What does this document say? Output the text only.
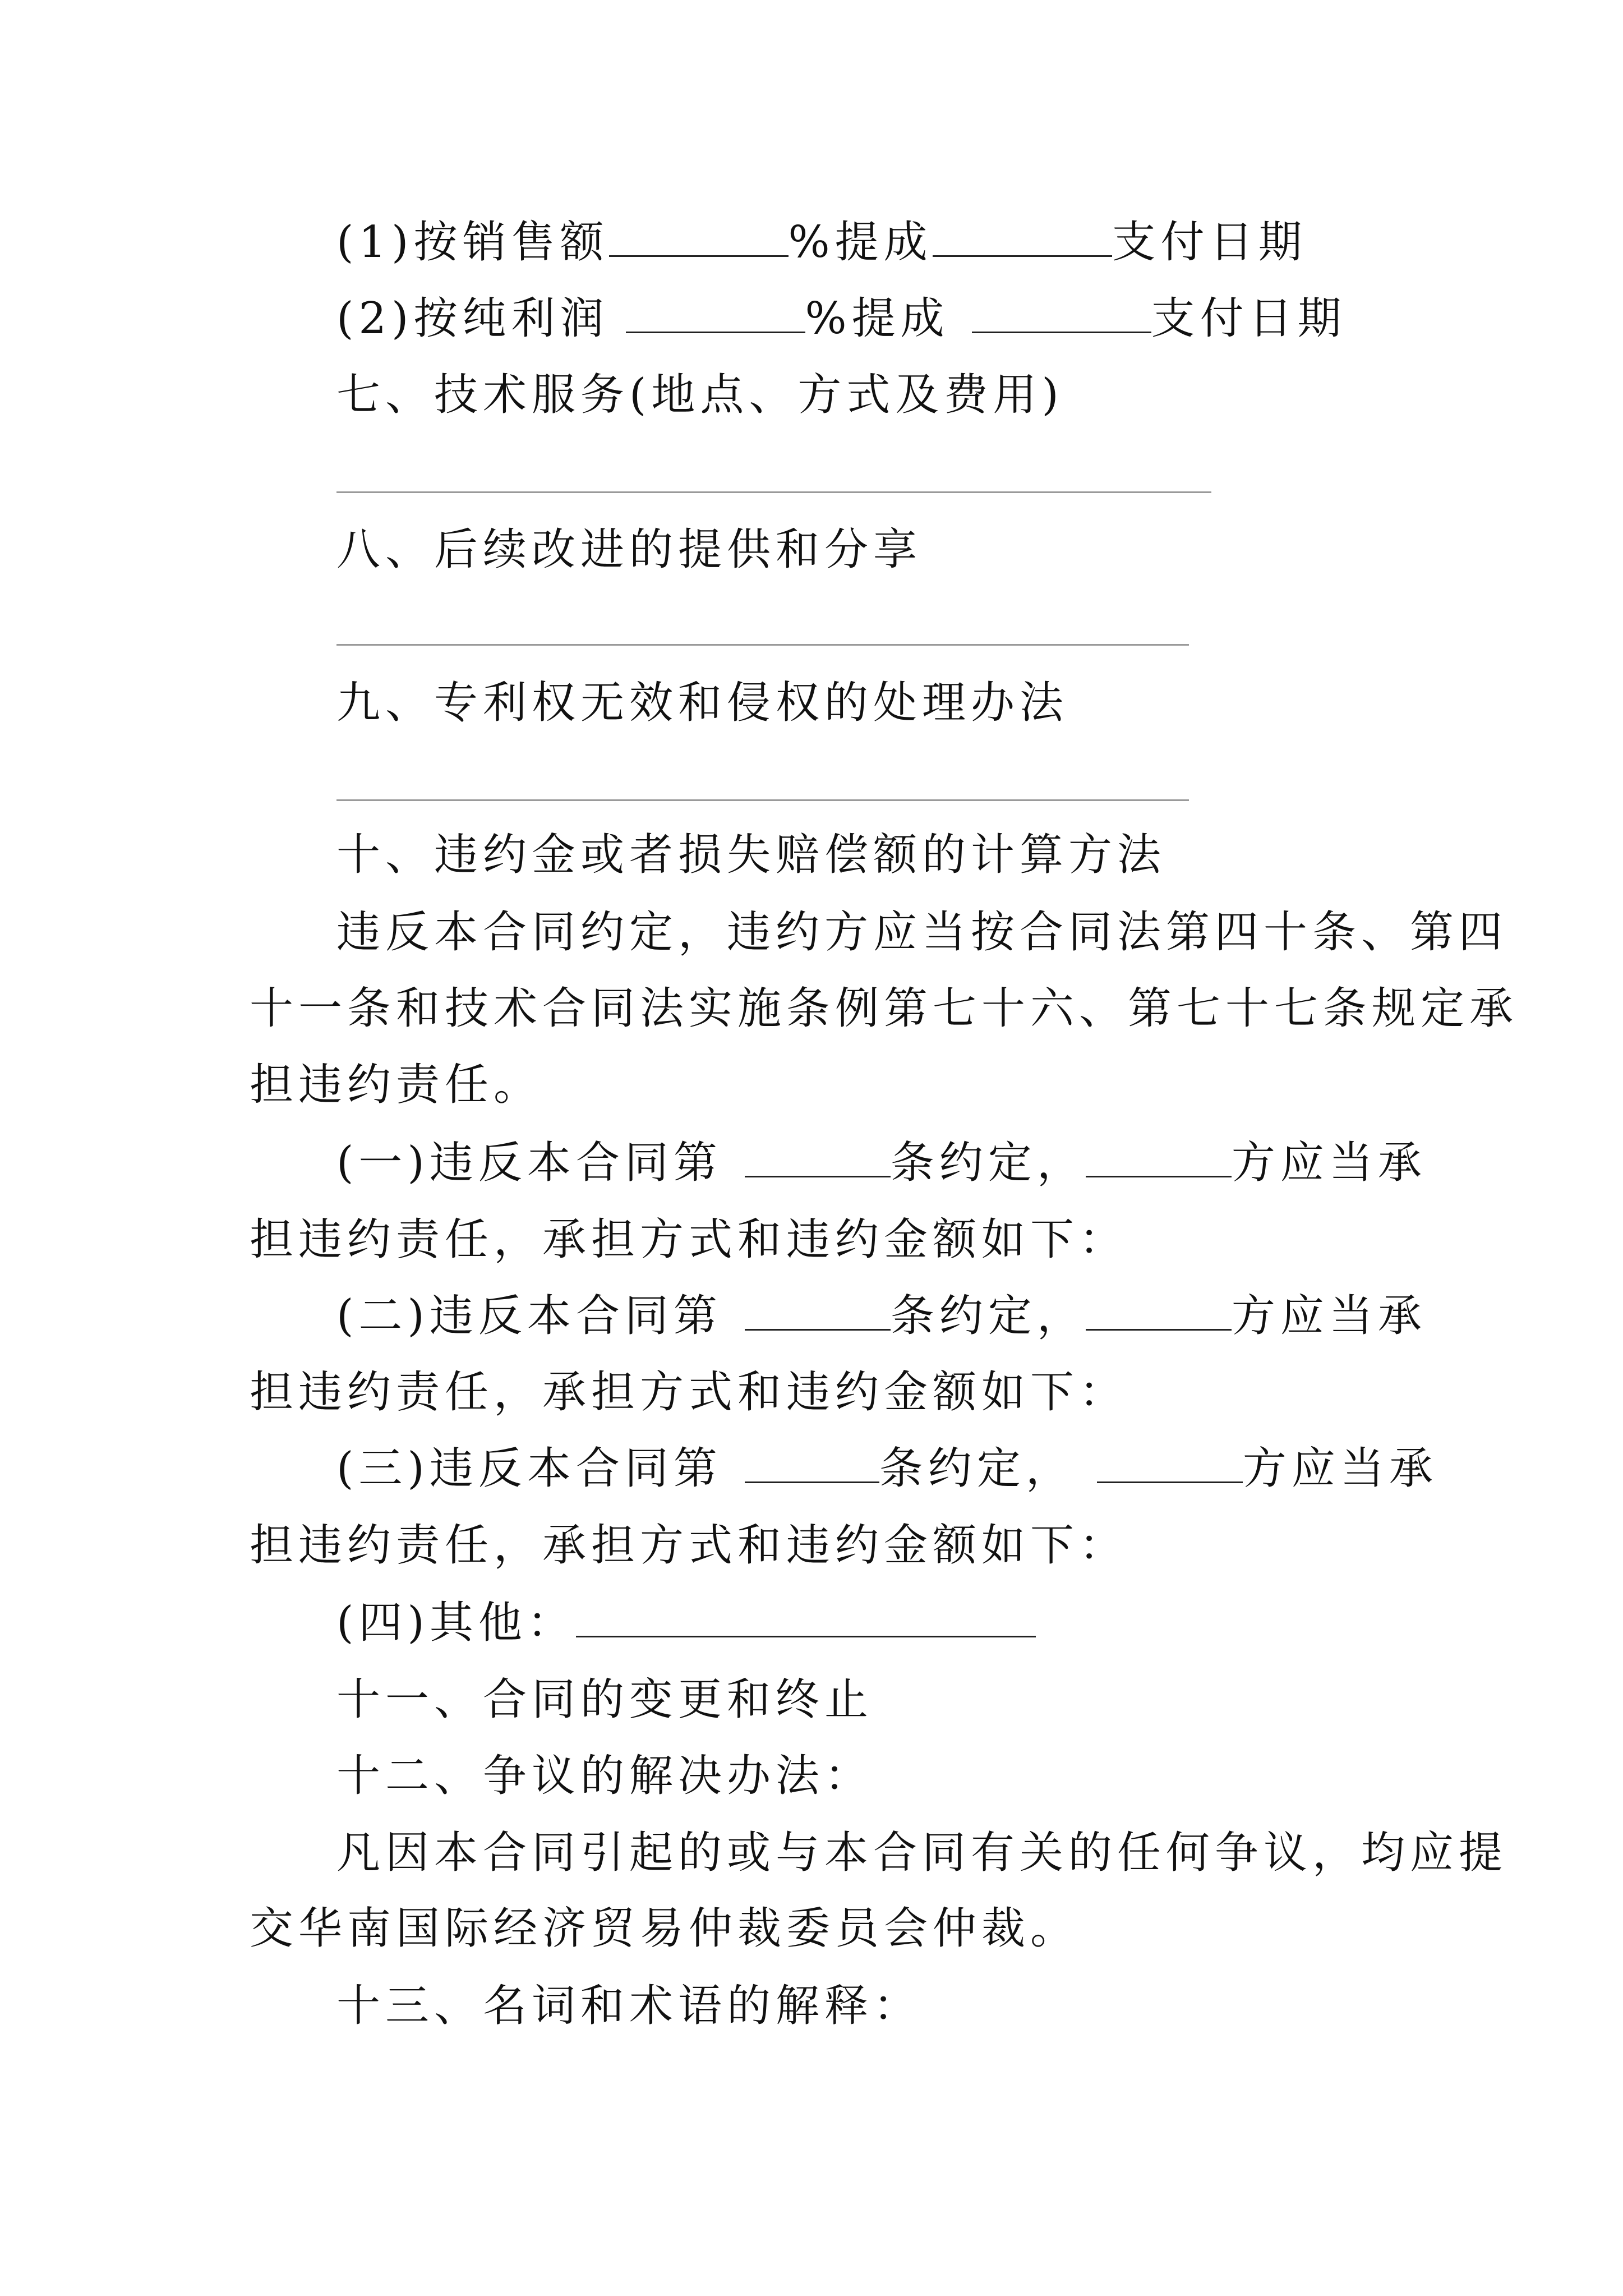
(1)按销售额	%提成	支付日期
(2)按纯利润	%提成	支付日期
七、技术服务(地点、方式及费用)
八、后续改进的提供和分享
九、专利权无效和侵权的处理办法
十、违约金或者损失赔偿额的计算方法
违反本合同约定，违约方应当按合同法第四十条、第四
十一条和技术合同法实施条例第七十六、第七十七条规定承
担违约责任。
(一)违反本合同第	条约定，	方应当承
担违约责任，承担方式和违约金额如下：
(二)违反本合同第	条约定，	方应当承
担违约责任，承担方式和违约金额如下：
(三)违反本合同第	条约定，	方应当承
担违约责任，承担方式和违约金额如下：
(四)其他：
十一、合同的变更和终止
十二、争议的解决办法：
凡因本合同引起的或与本合同有关的任何争议，均应提
交华南国际经济贸易仲裁委员会仲裁。
十三、名词和术语的解释：
